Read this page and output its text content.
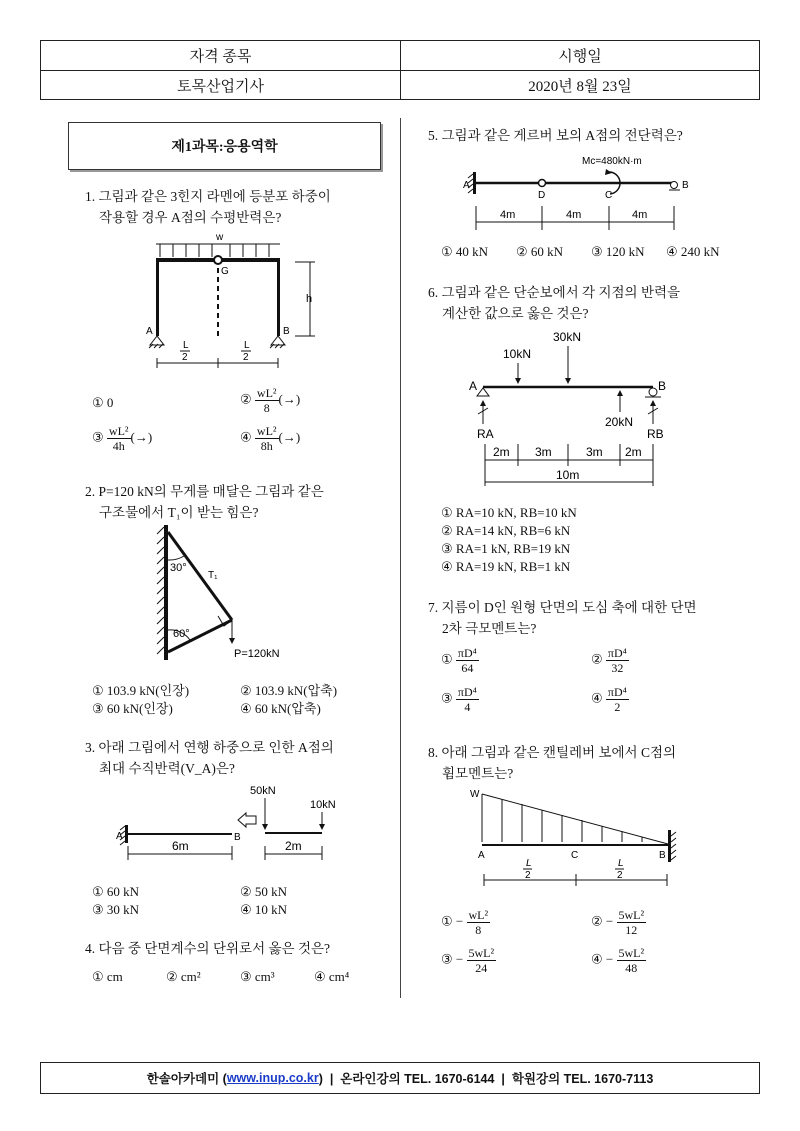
자격 종목	시행일
토목산업기사	2020년 8월 23일
제1과목:응용역학
1. 그림과 같은 3힌지 라멘에 등분포 하중이
작용할 경우 A점의 수평반력은?
w
G
A	B
h
L
2
L
2
① 0	② $\frac{\text{wL²}}{8}$ (→)
③ $\frac{\text{wL²}}{4h}$ (→)	④ $\frac{\text{wL²}}{8h}$ (→)
2. P=120 kN의 무게를 매달은 그림과 같은
구조물에서 T₁이 받는 힘은?
30°
60°
T₁
P=120kN
① 103.9 kN(인장)	② 103.9 kN(압축)
③ 60 kN(인장)	④ 60 kN(압축)
3. 아래 그림에서 연행 하중으로 인한 A점의
최대 수직반력(V_A)은?
50kN
10kN
A	B
6m	2m
① 60 kN	② 50 kN
③ 30 kN	④ 10 kN
4. 다음 중 단면계수의 단위로서 옳은 것은?
① cm	② cm²	③ cm³	④ cm⁴
5. 그림과 같은 게르버 보의 A점의 전단력은?
Mc=480kN·m
A
D	C
B
4m	4m	4m
① 40 kN ② 60 kN ③ 120 kN ④ 240 kN
6. 그림과 같은 단순보에서 각 지점의 반력을
계산한 값으로 옳은 것은?
30kN
10kN
A	B
20kN
RA	RB
2m 3m	3m 2m
10m
① RA=10 kN, RB=10 kN
② RA=14 kN, RB=6 kN
③ RA=1 kN, RB=19 kN
④ RA=19 kN, RB=1 kN
7. 지름이 D인 원형 단면의 도심 축에 대한 단면
2차 극모멘트는?
① $\frac{\text{πD⁴}}{64}$	② $\frac{\text{πD⁴}}{32}$
③ $\frac{\text{πD⁴}}{4}$	④ $\frac{\text{πD⁴}}{2}$
8. 아래 그림과 같은 캔틸레버 보에서 C점의
휨모멘트는?
W
A	C	B
L
2
L
2
① − $\frac{\text{wL²}}{8}$	② − $\frac{\text{5wL²}}{12}$
③ − $\frac{\text{5wL²}}{24}$	④ − $\frac{\text{5wL²}}{48}$
한솔아카데미 ( www.inup.co.kr )  |  온라인강의 TEL. 1670-6144  |  학원강의 TEL. 1670-7113
